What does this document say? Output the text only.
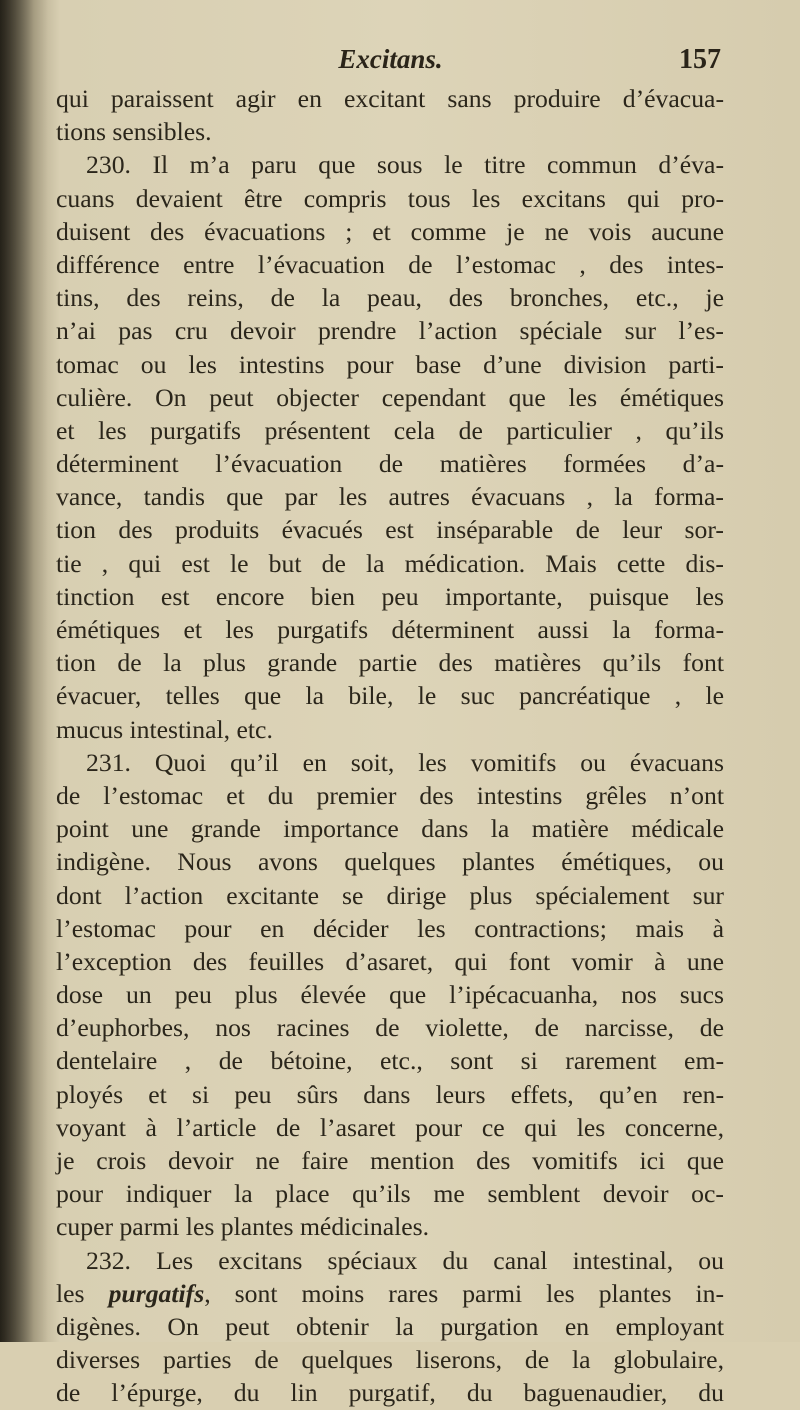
Excitans.	157
qui paraissent agir en excitant sans produire d’évacua-
tions sensibles.
230. Il m’a paru que sous le titre commun d’éva-
cuans devaient être compris tous les excitans qui pro-
duisent des évacuations ; et comme je ne vois aucune
différence entre l’évacuation de l’estomac , des intes-
tins, des reins, de la peau, des bronches, etc., je
n’ai pas cru devoir prendre l’action spéciale sur l’es-
tomac ou les intestins pour base d’une division parti-
culière. On peut objecter cependant que les émétiques
et les purgatifs présentent cela de particulier , qu’ils
déterminent l’évacuation de matières formées d’a-
vance, tandis que par les autres évacuans , la forma-
tion des produits évacués est inséparable de leur sor-
tie , qui est le but de la médication. Mais cette dis-
tinction est encore bien peu importante, puisque les
émétiques et les purgatifs déterminent aussi la forma-
tion de la plus grande partie des matières qu’ils font
évacuer, telles que la bile, le suc pancréatique , le
mucus intestinal, etc.
231. Quoi qu’il en soit, les vomitifs ou évacuans
de l’estomac et du premier des intestins grêles n’ont
point une grande importance dans la matière médicale
indigène. Nous avons quelques plantes émétiques, ou
dont l’action excitante se dirige plus spécialement sur
l’estomac pour en décider les contractions; mais à
l’exception des feuilles d’asaret, qui font vomir à une
dose un peu plus élevée que l’ipécacuanha, nos sucs
d’euphorbes, nos racines de violette, de narcisse, de
dentelaire , de bétoine, etc., sont si rarement em-
ployés et si peu sûrs dans leurs effets, qu’en ren-
voyant à l’article de l’asaret pour ce qui les concerne,
je crois devoir ne faire mention des vomitifs ici que
pour indiquer la place qu’ils me semblent devoir oc-
cuper parmi les plantes médicinales.
232. Les excitans spéciaux du canal intestinal, ou
les purgatifs, sont moins rares parmi les plantes in-
digènes. On peut obtenir la purgation en employant
diverses parties de quelques liserons, de la globulaire,
de l’épurge, du lin purgatif, du baguenaudier, du
